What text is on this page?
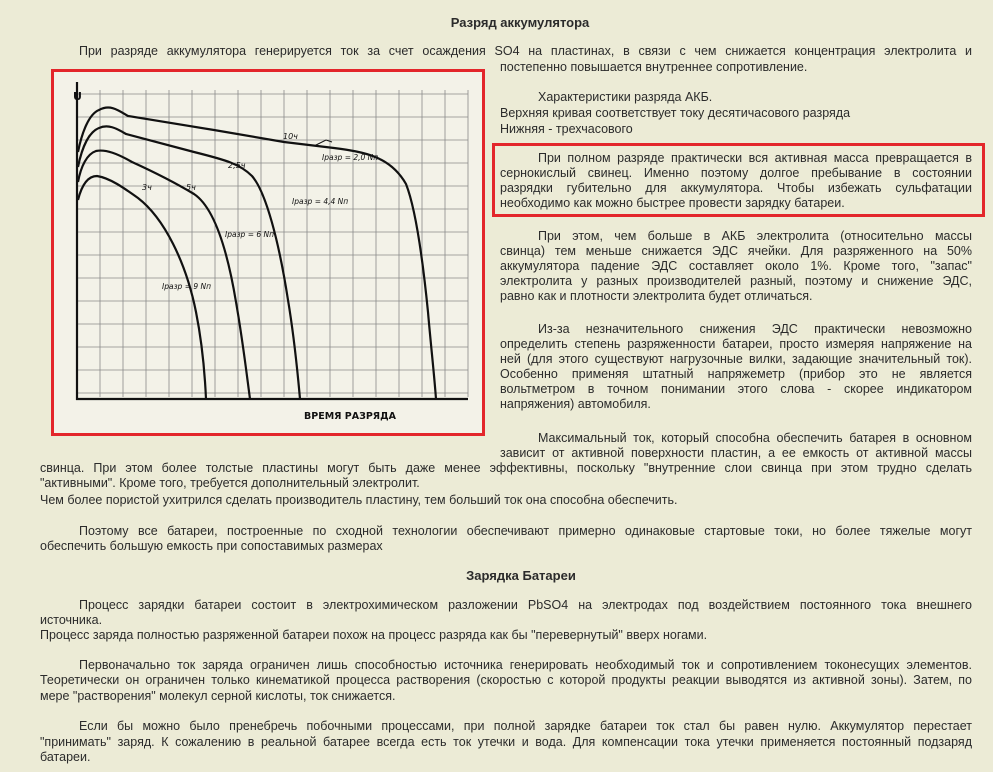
Разряд аккумулятора
При разряде аккумулятора генерируется ток за счет осаждения SO4 на пластинах, в связи с чем снижается концентрация электролита и
постепенно повышается внутреннее сопротивление.
U
ВРЕМЯ РАЗРЯДА
10ч
2,5ч
5ч
3ч
Iразр = 2,0 Nп
Iразр = 4,4 Nп
Iразр = 6 Nп
Iразр = 9 Nп
Характеристики разряда АКБ.
Верхняя кривая соответствует току десятичасового разряда
Нижняя - трехчасового

При полном разряде практически вся активная масса превращается в

сернокислый свинец. Именно поэтому долгое пребывание в состоянии

разрядки губительно для аккумулятора. Чтобы избежать сульфатации

необходимо как можно быстрее провести зарядку батареи.

При этом, чем больше в АКБ электролита (относительно массы

свинца) тем меньше снижается ЭДС ячейки. Для разряженного на 50%

аккумулятора падение ЭДС составляет около 1%. Кроме того, "запас"

электролита у разных производителей разный, поэтому и снижение ЭДС,

равно как и плотности электролита будет отличаться.

Из-за незначительного снижения ЭДС практически невозможно

определить степень разряженности батареи, просто измеряя напряжение на

ней (для этого существуют нагрузочные вилки, задающие значительный ток).

Особенно применяя штатный напряжеметр (прибор это не является

вольтметром в точном понимании этого слова - скорее индикатором

напряжения) автомобиля.

Максимальный ток, который способна обеспечить батарея в основном
зависит от активной поверхности пластин, а ее емкость от активной массы
свинца. При этом более толстые пластины могут быть даже менее эффективны, поскольку "внутренние слои свинца при этом трудно сделать
"активными". Кроме того, требуется дополнительный электролит.
Чем более пористой ухитрился сделать производитель пластину, тем больший ток она способна обеспечить.
Поэтому все батареи, построенные по сходной технологии обеспечивают примерно одинаковые стартовые токи, но более тяжелые могут
обеспечить большую емкость при сопоставимых размерах
Зарядка Батареи
Процесс зарядки батареи состоит в электрохимическом разложении PbSO4 на электродах под воздействием постоянного тока внешнего
источника.
Процесс заряда полностью разряженной батареи похож на процесс разряда как бы "перевернутый" вверх ногами.
Первоначально ток заряда ограничен лишь способностью источника генерировать необходимый ток и сопротивлением токонесущих элементов.
Теоретически он ограничен только кинематикой процесса растворения (скоростью с которой продукты реакции выводятся из активной зоны). Затем, по
мере "растворения" молекул серной кислоты, ток снижается.
Если бы можно было пренебречь побочными процессами, при полной зарядке батареи ток стал бы равен нулю. Аккумулятор перестает
"принимать" заряд. К сожалению в реальной батарее всегда есть ток утечки и вода. Для компенсации тока утечки применяется постоянный подзаряд
батареи.
